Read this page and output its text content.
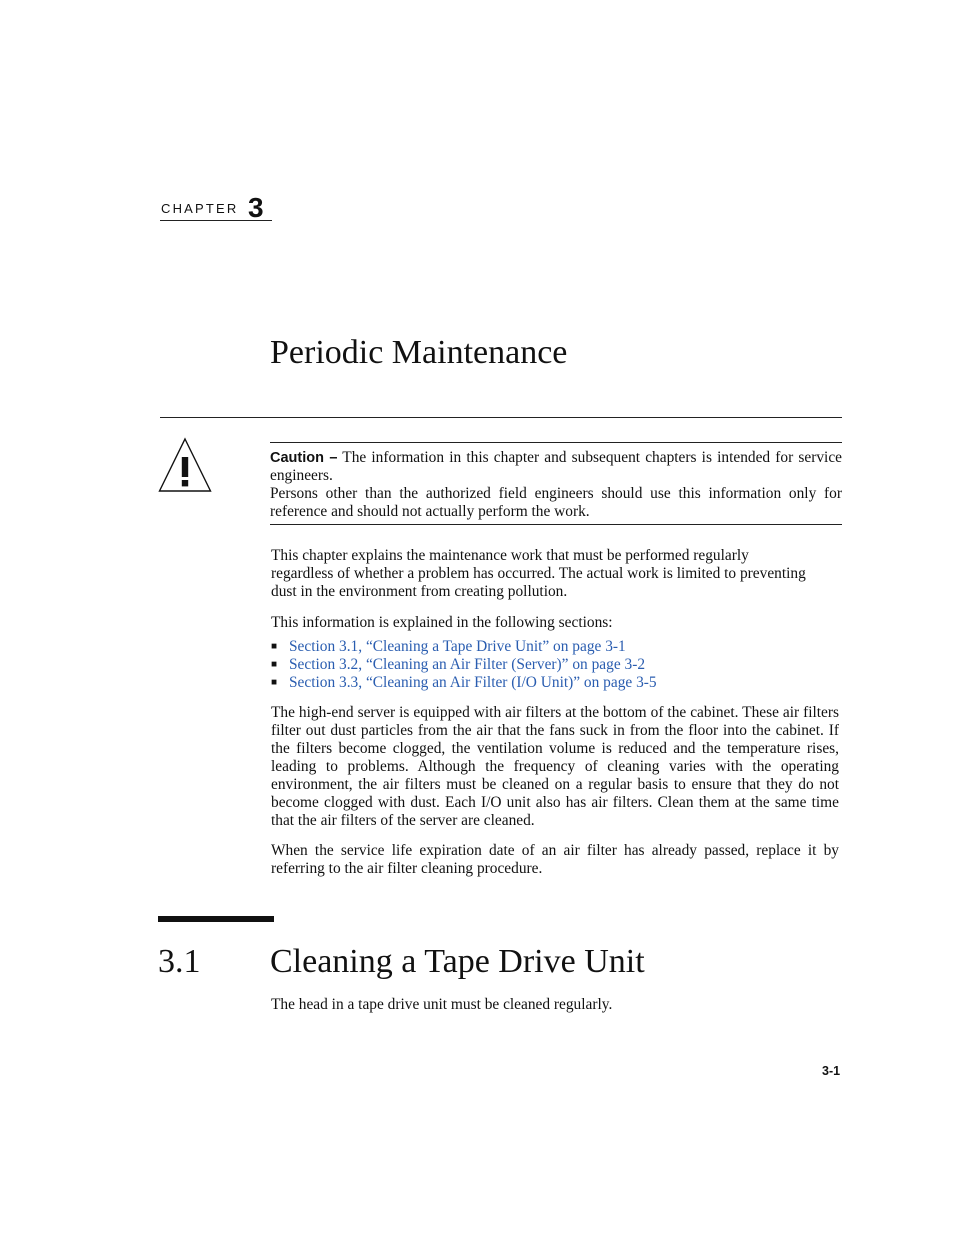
CHAPTER 3
Periodic Maintenance

Caution – The information in this chapter and subsequent chapters is intended for service engineers.

Persons other than the authorized field engineers should use this information only for reference and should not actually perform the work.

This chapter explains the maintenance work that must be performed regularly regardless of whether a problem has occurred. The actual work is limited to preventing dust in the environment from creating pollution.

This information is explained in the following sections:

■ Section 3.1, “Cleaning a Tape Drive Unit” on page 3-1
■ Section 3.2, “Cleaning an Air Filter (Server)” on page 3-2
■ Section 3.3, “Cleaning an Air Filter (I/O Unit)” on page 3-5

The high-end server is equipped with air filters at the bottom of the cabinet. These air filters filter out dust particles from the air that the fans suck in from the floor into the cabinet. If the filters become clogged, the ventilation volume is reduced and the temperature rises, leading to problems. Although the frequency of cleaning varies with the operating environment, the air filters must be cleaned on a regular basis to ensure that they do not become clogged with dust. Each I/O unit also has air filters. Clean them at the same time that the air filters of the server are cleaned.

When the service life expiration date of an air filter has already passed, replace it by referring to the air filter cleaning procedure.

3.1 Cleaning a Tape Drive Unit

The head in a tape drive unit must be cleaned regularly.

3-1
